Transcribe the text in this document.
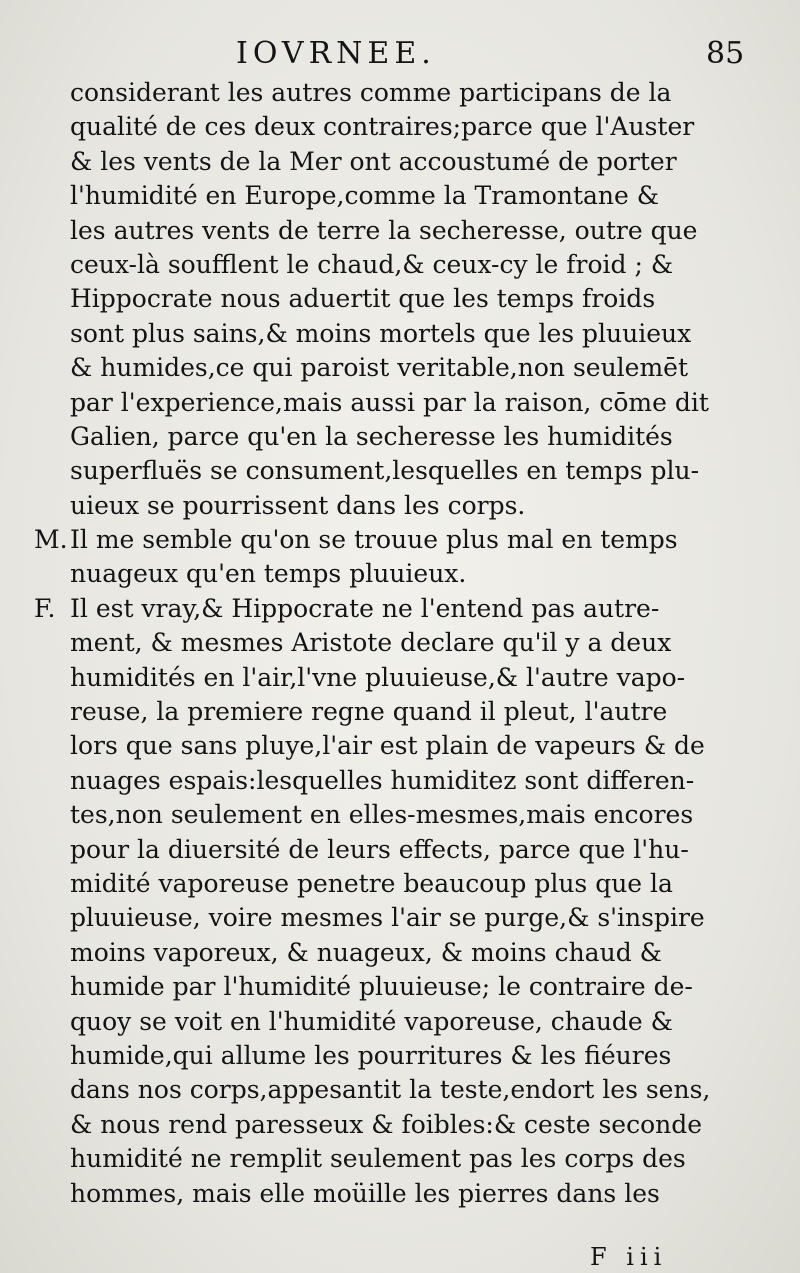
IOVRNEE.	85
considerant les autres comme participans de la
qualité de ces deux contraires;parce que l'Auster
& les vents de la Mer ont accoustumé de porter
l'humidité en Europe,comme la Tramontane &
les autres vents de terre la secheresse, outre que
ceux-là soufflent le chaud,& ceux-cy le froid ; &
Hippocrate nous aduertit que les temps froids
sont plus sains,& moins mortels que les pluuieux
& humides,ce qui paroist veritable,non seulemēt
par l'experience,mais aussi par la raison, cōme dit
Galien, parce qu'en la secheresse les humidités
superfluës se consument,lesquelles en temps plu-
uieux se pourrissent dans les corps.
M. Il me semble qu'on se trouue plus mal en temps
nuageux qu'en temps pluuieux.
F. Il est vray,& Hippocrate ne l'entend pas autre-
ment, & mesmes Aristote declare qu'il y a deux
humidités en l'air,l'vne pluuieuse,& l'autre vapo-
reuse, la premiere regne quand il pleut, l'autre
lors que sans pluye,l'air est plain de vapeurs & de
nuages espais:lesquelles humiditez sont differen-
tes,non seulement en elles-mesmes,mais encores
pour la diuersité de leurs effects, parce que l'hu-
midité vaporeuse penetre beaucoup plus que la
pluuieuse, voire mesmes l'air se purge,& s'inspire
moins vaporeux, & nuageux, & moins chaud &
humide par l'humidité pluuieuse; le contraire de-
quoy se voit en l'humidité vaporeuse, chaude &
humide,qui allume les pourritures & les fiéures
dans nos corps,appesantit la teste,endort les sens,
& nous rend paresseux & foibles:& ceste seconde
humidité ne remplit seulement pas les corps des
hommes, mais elle moüille les pierres dans les
F iii
